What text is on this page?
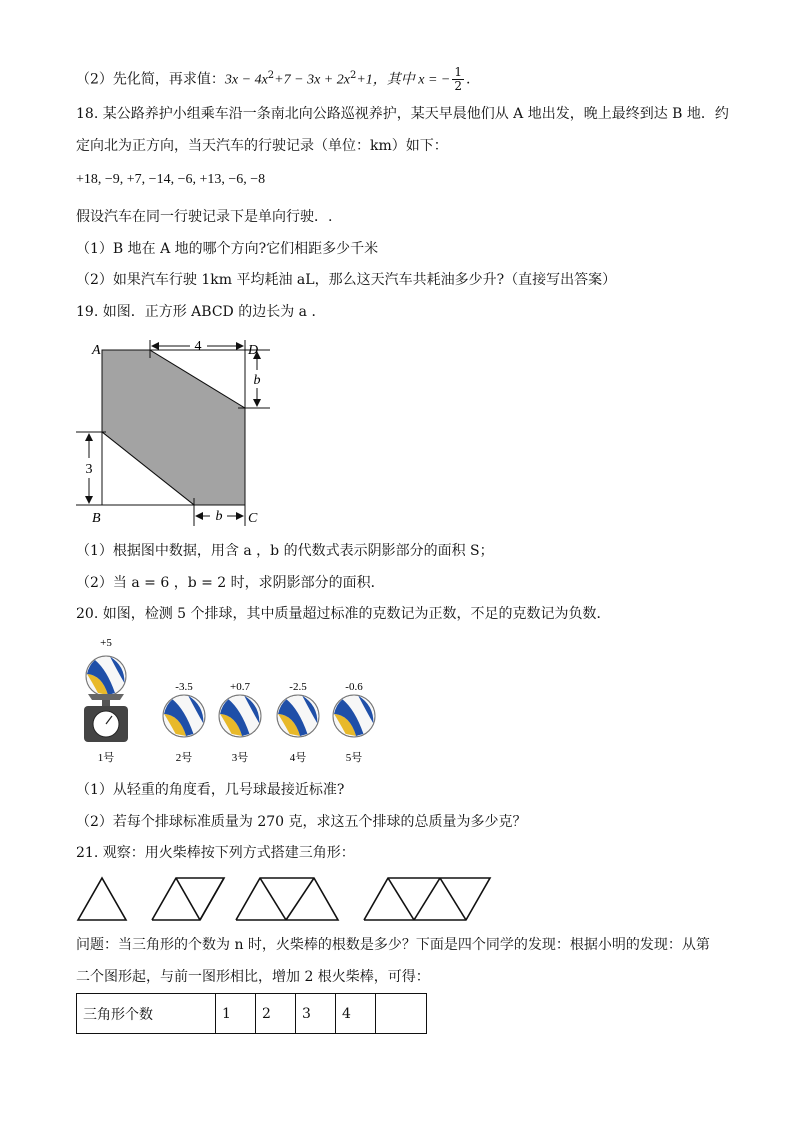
（2）先化简，再求值：$3x - 4x^2+7 - 3x + 2x^2+1$，其中 x = − $\frac{1}{2}$ .
18. 某公路养护小组乘车沿一条南北向公路巡视养护，某天早晨他们从 A 地出发，晚上最终到达 B 地．约
定向北为正方向，当天汽车的行驶记录（单位：km）如下：
+18, −9, +7, −14, −6, +13, −6, −8
假设汽车在同一行驶记录下是单向行驶．.
（1）B 地在 A 地的哪个方向?它们相距多少千米
（2）如果汽车行驶 1km 平均耗油 aL，那么这天汽车共耗油多少升?（直接写出答案）
19. 如图．正方形 ABCD 的边长为 a ．
4
b
3
b
A	D
B	C
（1）根据图中数据，用含 a ，b 的代数式表示阴影部分的面积 S；
（2）当 a = 6 ，b = 2 时，求阴影部分的面积．
20. 如图，检测 5 个排球，其中质量超过标准的克数记为正数，不足的克数记为负数．
+5
1号
-3.5
2号
+0.7
3号
-2.5
4号
-0.6
5号
（1）从轻重的角度看，几号球最接近标准?
（2）若每个排球标准质量为 270 克，求这五个排球的总质量为多少克？
21. 观察：用火柴棒按下列方式搭建三角形：
问题：当三角形的个数为 n 时，火柴棒的根数是多少？下面是四个同学的发现：根据小明的发现：从第
二个图形起，与前一图形相比，增加 2 根火柴棒，可得：
三角形个数	1	2	3	4	
